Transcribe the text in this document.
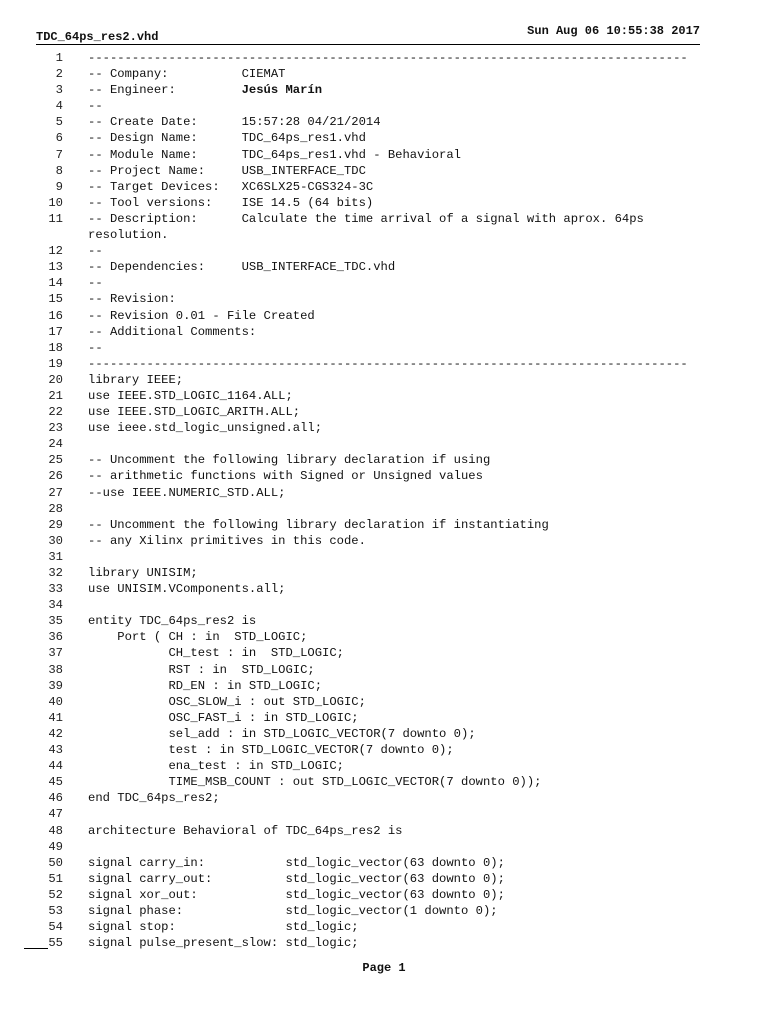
TDC_64ps_res2.vhd	Sun Aug 06 10:55:38 2017
1 ----------------------------------------------------------------------------------
2 -- Company:          CIEMAT
3 -- Engineer:         Jesús Marín
4 --
5 -- Create Date:      15:57:28 04/21/2014
6 -- Design Name:      TDC_64ps_res1.vhd
7 -- Module Name:      TDC_64ps_res1.vhd - Behavioral
8 -- Project Name:     USB_INTERFACE_TDC
9 -- Target Devices:   XC6SLX25-CGS324-3C
10 -- Tool versions:    ISE 14.5 (64 bits)
11 -- Description:      Calculate the time arrival of a signal with aprox. 64ps
resolution.
12 --
13 -- Dependencies:     USB_INTERFACE_TDC.vhd
14 --
15 -- Revision:
16 -- Revision 0.01 - File Created
17 -- Additional Comments:
18 --
19 ----------------------------------------------------------------------------------
20 library IEEE;
21 use IEEE.STD_LOGIC_1164.ALL;
22 use IEEE.STD_LOGIC_ARITH.ALL;
23 use ieee.std_logic_unsigned.all;
24
25 -- Uncomment the following library declaration if using
26 -- arithmetic functions with Signed or Unsigned values
27 --use IEEE.NUMERIC_STD.ALL;
28
29 -- Uncomment the following library declaration if instantiating
30 -- any Xilinx primitives in this code.
31
32 library UNISIM;
33 use UNISIM.VComponents.all;
34
35 entity TDC_64ps_res2 is
36 Port ( CH : in  STD_LOGIC;
37 CH_test : in  STD_LOGIC;
38 RST : in  STD_LOGIC;
39 RD_EN : in STD_LOGIC;
40 OSC_SLOW_i : out STD_LOGIC;
41 OSC_FAST_i : in STD_LOGIC;
42 sel_add : in STD_LOGIC_VECTOR(7 downto 0);
43 test : in STD_LOGIC_VECTOR(7 downto 0);
44 ena_test : in STD_LOGIC;
45 TIME_MSB_COUNT : out STD_LOGIC_VECTOR(7 downto 0));
46 end TDC_64ps_res2;
47
48 architecture Behavioral of TDC_64ps_res2 is
49
50 signal carry_in:           std_logic_vector(63 downto 0);
51 signal carry_out:          std_logic_vector(63 downto 0);
52 signal xor_out:            std_logic_vector(63 downto 0);
53 signal phase:              std_logic_vector(1 downto 0);
54 signal stop:               std_logic;
55 signal pulse_present_slow: std_logic;
Page 1
